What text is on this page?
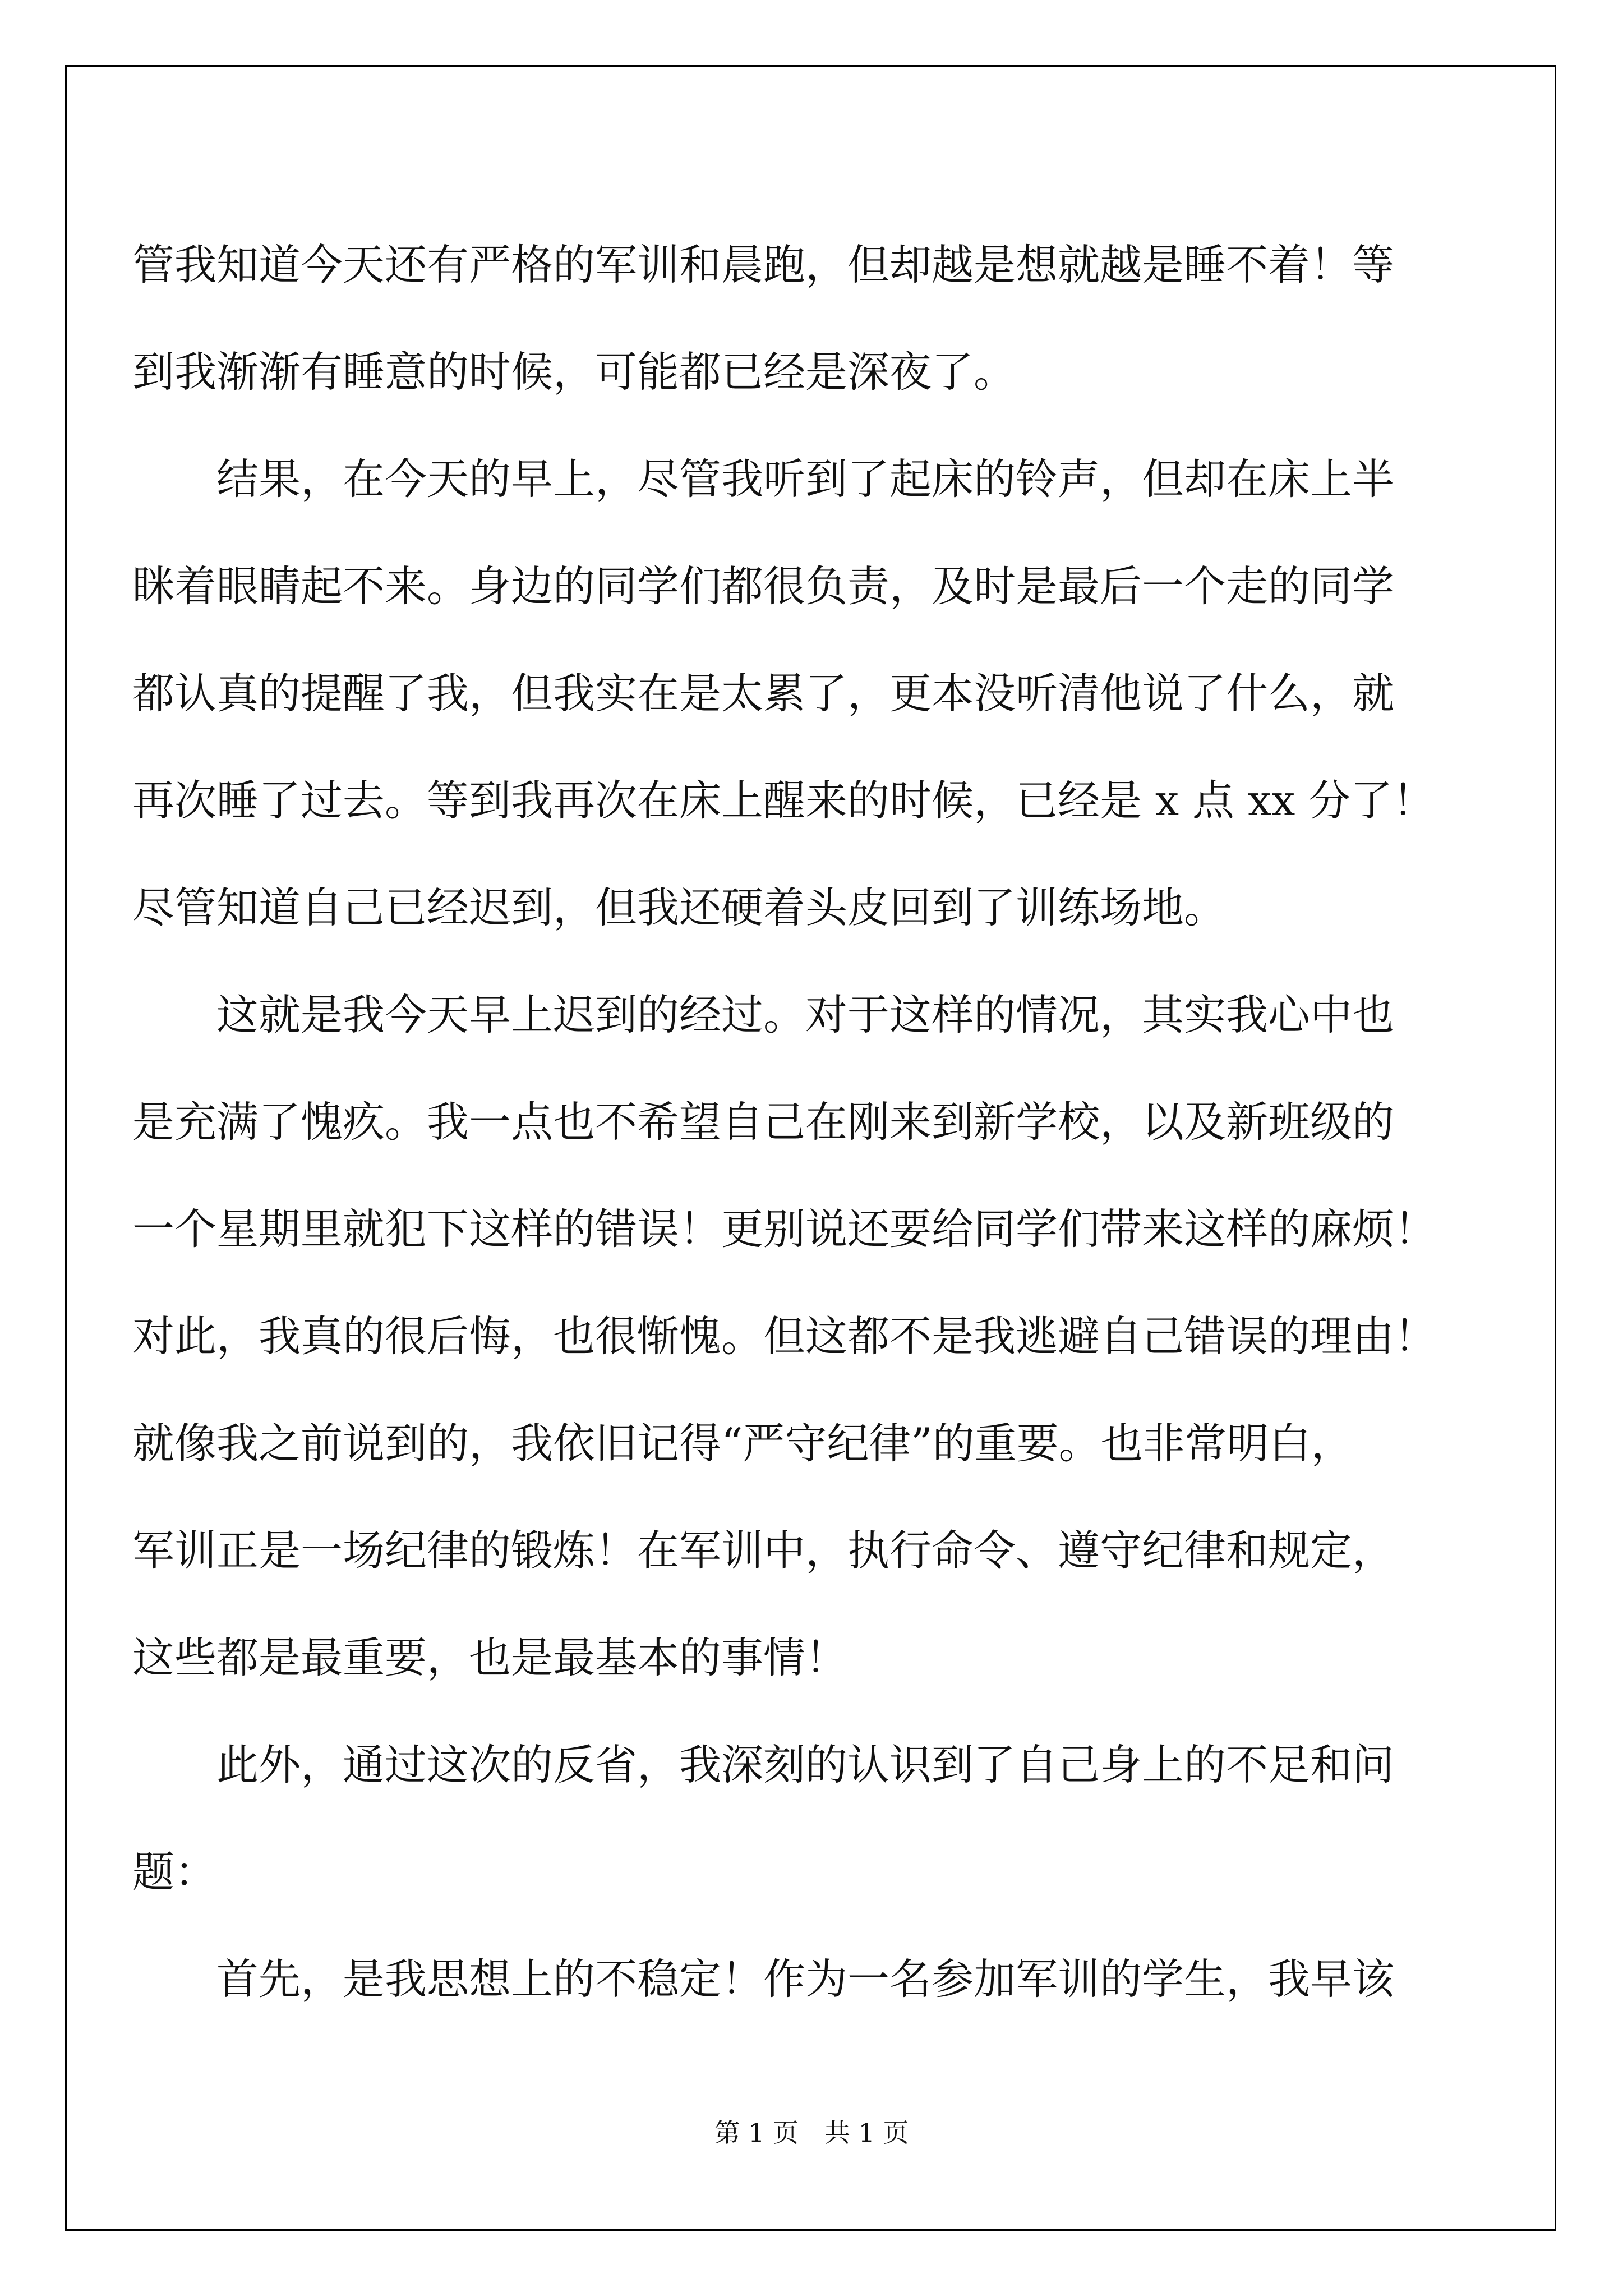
管我知道今天还有严格的军训和晨跑，但却越是想就越是睡不着！等

到我渐渐有睡意的时候，可能都已经是深夜了。

结果，在今天的早上，尽管我听到了起床的铃声，但却在床上半

眯着眼睛起不来。身边的同学们都很负责，及时是最后一个走的同学

都认真的提醒了我，但我实在是太累了，更本没听清他说了什么，就

再次睡了过去。等到我再次在床上醒来的时候，已经是 x 点 xx 分了！

尽管知道自己已经迟到，但我还硬着头皮回到了训练场地。

这就是我今天早上迟到的经过。对于这样的情况，其实我心中也

是充满了愧疚。我一点也不希望自己在刚来到新学校，以及新班级的

一个星期里就犯下这样的错误！更别说还要给同学们带来这样的麻烦！

对此，我真的很后悔，也很惭愧。但这都不是我逃避自己错误的理由！

就像我之前说到的，我依旧记得“严守纪律”的重要。也非常明白，

军训正是一场纪律的锻炼！在军训中，执行命令、遵守纪律和规定，

这些都是最重要，也是最基本的事情！

此外，通过这次的反省，我深刻的认识到了自己身上的不足和问

题：

首先，是我思想上的不稳定！作为一名参加军训的学生，我早该

第 1 页　共 1 页
